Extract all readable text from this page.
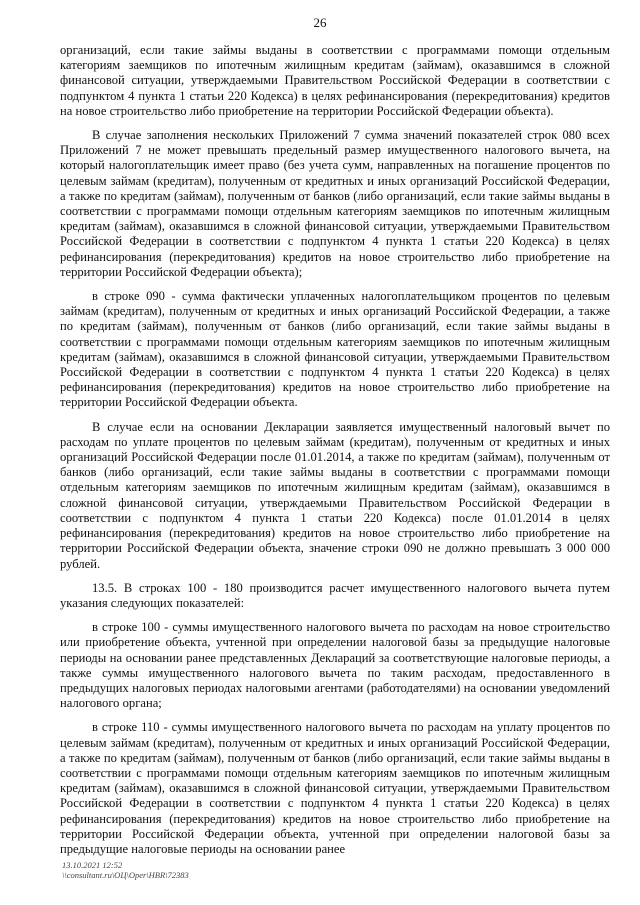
26

организаций, если такие займы выданы в соответствии с программами помощи отдельным категориям заемщиков по ипотечным жилищным кредитам (займам), оказавшимся в сложной финансовой ситуации, утверждаемыми Правительством Российской Федерации в соответствии с подпунктом 4 пункта 1 статьи 220 Кодекса) в целях рефинансирования (перекредитования) кредитов на новое строительство либо приобретение на территории Российской Федерации объекта).

В случае заполнения нескольких Приложений 7 сумма значений показателей строк 080 всех Приложений 7 не может превышать предельный размер имущественного налогового вычета, на который налогоплательщик имеет право (без учета сумм, направленных на погашение процентов по целевым займам (кредитам), полученным от кредитных и иных организаций Российской Федерации, а также по кредитам (займам), полученным от банков (либо организаций, если такие займы выданы в соответствии с программами помощи отдельным категориям заемщиков по ипотечным жилищным кредитам (займам), оказавшимся в сложной финансовой ситуации, утверждаемыми Правительством Российской Федерации в соответствии с подпунктом 4 пункта 1 статьи 220 Кодекса) в целях рефинансирования (перекредитования) кредитов на новое строительство либо приобретение на территории Российской Федерации объекта);

в строке 090 - сумма фактически уплаченных налогоплательщиком процентов по целевым займам (кредитам), полученным от кредитных и иных организаций Российской Федерации, а также по кредитам (займам), полученным от банков (либо организаций, если такие займы выданы в соответствии с программами помощи отдельным категориям заемщиков по ипотечным жилищным кредитам (займам), оказавшимся в сложной финансовой ситуации, утверждаемыми Правительством Российской Федерации в соответствии с подпунктом 4 пункта 1 статьи 220 Кодекса) в целях рефинансирования (перекредитования) кредитов на новое строительство либо приобретение на территории Российской Федерации объекта.

В случае если на основании Декларации заявляется имущественный налоговый вычет по расходам по уплате процентов по целевым займам (кредитам), полученным от кредитных и иных организаций Российской Федерации после 01.01.2014, а также по кредитам (займам), полученным от банков (либо организаций, если такие займы выданы в соответствии с программами помощи отдельным категориям заемщиков по ипотечным жилищным кредитам (займам), оказавшимся в сложной финансовой ситуации, утверждаемыми Правительством Российской Федерации в соответствии с подпунктом 4 пункта 1 статьи 220 Кодекса) после 01.01.2014 в целях рефинансирования (перекредитования) кредитов на новое строительство либо приобретение на территории Российской Федерации объекта, значение строки 090 не должно превышать 3 000 000 рублей.

13.5. В строках 100 - 180 производится расчет имущественного налогового вычета путем указания следующих показателей:

в строке 100 - суммы имущественного налогового вычета по расходам на новое строительство или приобретение объекта, учтенной при определении налоговой базы за предыдущие налоговые периоды на основании ранее представленных Деклараций за соответствующие налоговые периоды, а также суммы имущественного налогового вычета по таким расходам, предоставленного в предыдущих налоговых периодах налоговыми агентами (работодателями) на основании уведомлений налогового органа;

в строке 110 - суммы имущественного налогового вычета по расходам на уплату процентов по целевым займам (кредитам), полученным от кредитных и иных организаций Российской Федерации, а также по кредитам (займам), полученным от банков (либо организаций, если такие займы выданы в соответствии с программами помощи отдельным категориям заемщиков по ипотечным жилищным кредитам (займам), оказавшимся в сложной финансовой ситуации, утверждаемыми Правительством Российской Федерации в соответствии с подпунктом 4 пункта 1 статьи 220 Кодекса) в целях рефинансирования (перекредитования) кредитов на новое строительство либо приобретение на территории Российской Федерации объекта, учтенной при определении налоговой базы за предыдущие налоговые периоды на основании ранее

13.10.2021 12:52
\\consultant.ru\ОЦ\Oper\HBR\72383
